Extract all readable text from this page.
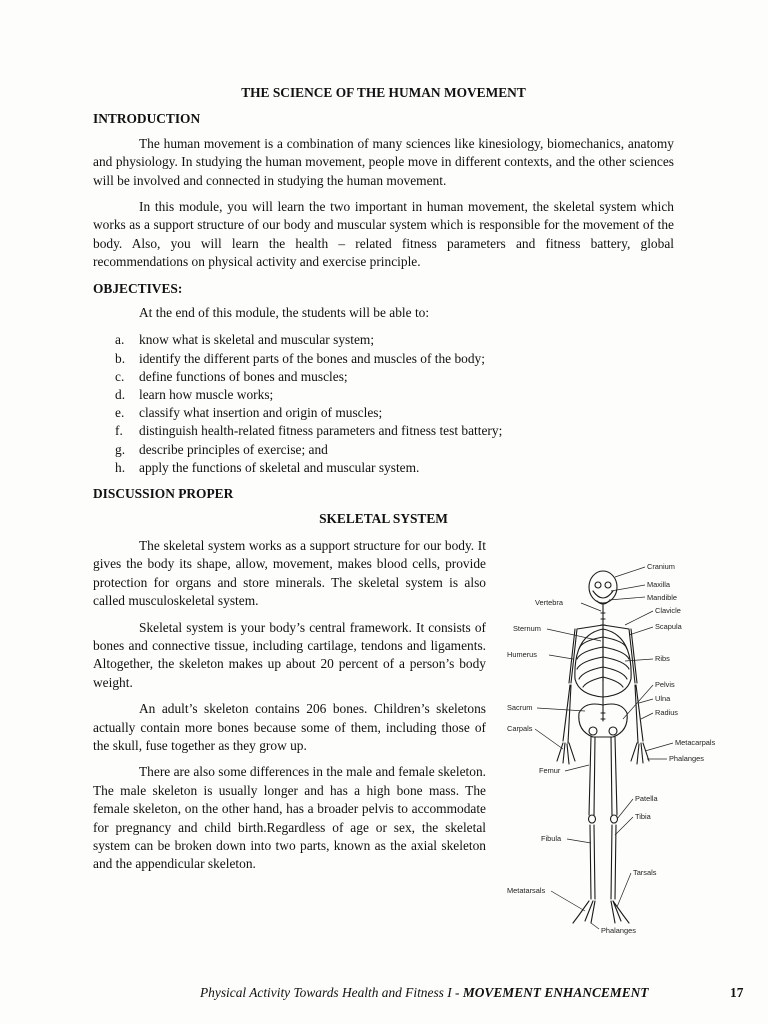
THE SCIENCE OF THE HUMAN MOVEMENT
INTRODUCTION

The human movement is a combination of many sciences like kinesiology, biomechanics, anatomy and physiology. In studying the human movement, people move in different contexts, and the other sciences will be involved and connected in studying the human movement.

In this module, you will learn the two important in human movement, the skeletal system which works as a support structure of our body and muscular system which is responsible for the movement of the body. Also, you will learn the health – related fitness parameters and fitness battery, global recommendations on physical activity and exercise principle.

OBJECTIVES:
At the end of this module, the students will be able to:
a. know what is skeletal and muscular system;
b. identify the different parts of the bones and muscles of the body;
c. define functions of bones and muscles;
d. learn how muscle works;
e. classify what insertion and origin of muscles;
f. distinguish health-related fitness parameters and fitness test battery;
g. describe principles of exercise; and
h. apply the functions of skeletal and muscular system.
DISCUSSION PROPER
SKELETAL SYSTEM

The skeletal system works as a support structure for our body. It gives the body its shape, allow, movement, makes blood cells, provide protection for organs and store minerals. The skeletal system is also called musculoskeletal system.

Skeletal system is your body’s central framework. It consists of bones and connective tissue, including cartilage, tendons and ligaments. Altogether, the skeleton makes up about 20 percent of a person’s body weight.

An adult’s skeleton contains 206 bones. Children’s skeletons actually contain more bones because some of them, including those of the skull, fuse together as they grow up.

There are also some differences in the male and female skeleton. The male skeleton is usually longer and has a high bone mass. The female skeleton, on the other hand, has a broader pelvis to accommodate for pregnancy and child birth.Regardless of age or sex, the skeletal system can be broken down into two parts, known as the axial skeleton and the appendicular skeleton.

Cranium
Maxilla
Mandible
Clavicle
Scapula
Ribs
Pelvis
Ulna
Radius
Metacarpals
Phalanges
Patella
Tibia
Tarsals
Phalanges
Vertebra
Sternum
Humerus
Sacrum
Carpals
Femur
Fibula
Metatarsals
Physical Activity Towards Health and Fitness I - MOVEMENT ENHANCEMENT	17
